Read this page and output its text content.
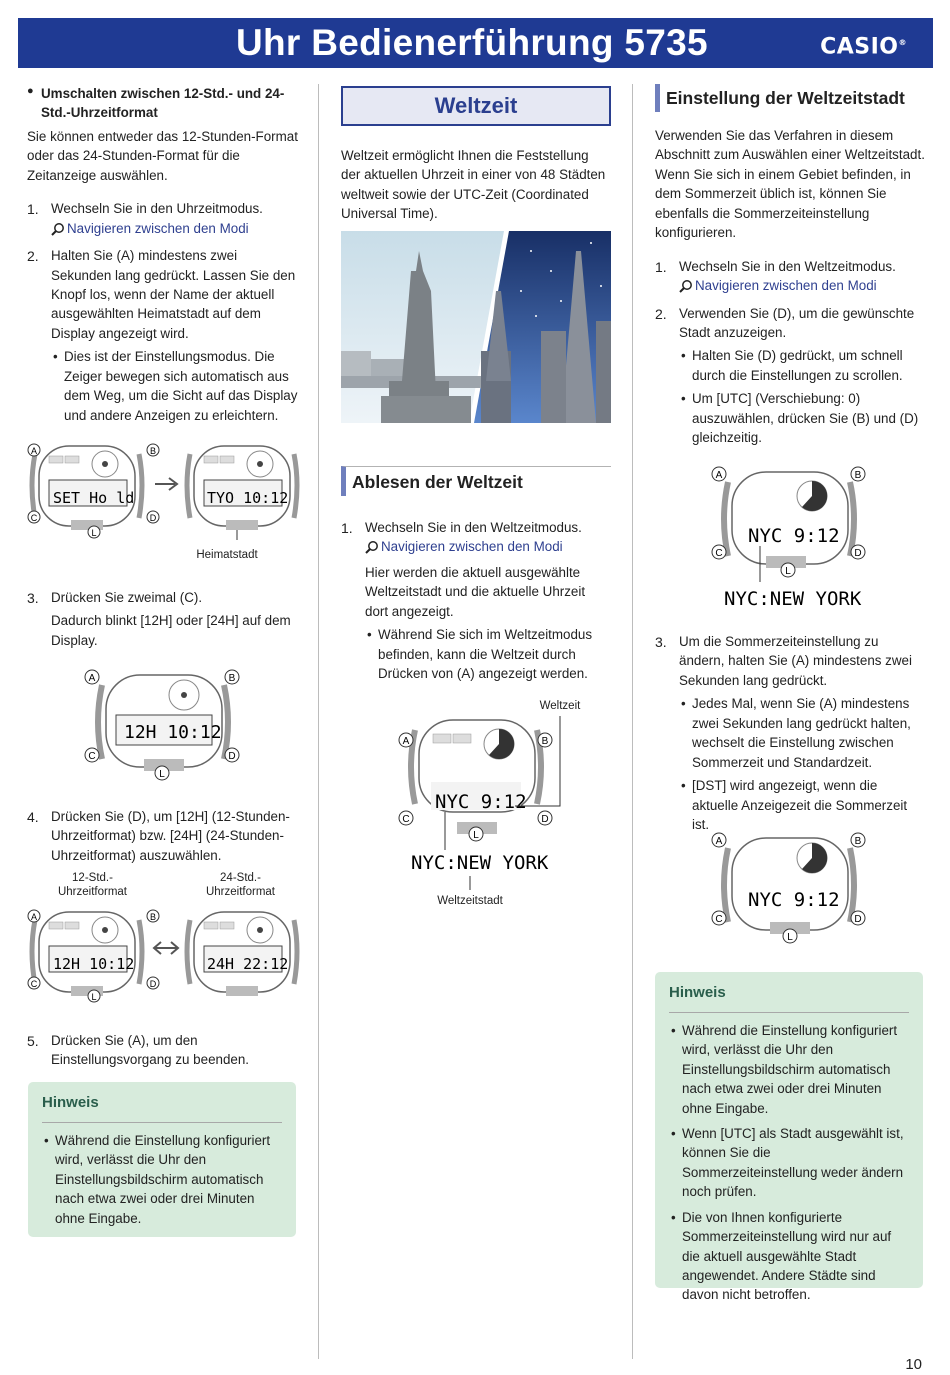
Uhr Bedienerführung 5735	CASIO®

● Umschalten zwischen 12-Std.- und 24-Std.-Uhrzeitformat

Sie können entweder das 12-Stunden-Format oder das 24-Stunden-Format für die Zeitanzeige auswählen.

1. Wechseln Sie in den Uhrzeitmodus.

Navigieren zwischen den Modi

2. Halten Sie (A) mindestens zwei Sekunden lang gedrückt. Lassen Sie den Knopf los, wenn der Name der aktuell ausgewählten Heimatstadt auf dem Display angezeigt wird.

• Dies ist der Einstellungsmodus. Die Zeiger bewegen sich automatisch aus dem Weg, um die Sicht auf das Display und andere Anzeigen zu erleichtern.

A	B
C	D
L
SET Ho ld	TYO 10:12
Heimatstadt
3. Drücken Sie zweimal (C).

Dadurch blinkt [12H] oder [24H] auf dem Display.

12H 10:12
A	B
C	D
L
4. Drücken Sie (D), um [12H] (12-Stunden-Uhrzeitformat) bzw. [24H] (24-Stunden-Uhrzeitformat) auszuwählen.

12-Std.-
Uhrzeitformat
24-Std.-
Uhrzeitformat
A	B
C	D
L
12H 10:12	24H 22:12
5. Drücken Sie (A), um den Einstellungsvorgang zu beenden.

Hinweis

• Während die Einstellung konfiguriert wird, verlässt die Uhr den Einstellungsbildschirm automatisch nach etwa zwei oder drei Minuten ohne Eingabe.

Weltzeit

Weltzeit ermöglicht Ihnen die Feststellung der aktuellen Uhrzeit in einer von 48 Städten weltweit sowie der UTC-Zeit (Coordinated Universal Time).

Ablesen der Weltzeit
1. Wechseln Sie in den Weltzeitmodus.

Navigieren zwischen den Modi

Hier werden die aktuell ausgewählte Weltzeitstadt und die aktuelle Uhrzeit dort angezeigt.

• Während Sie sich im Weltzeitmodus befinden, kann die Weltzeit durch Drücken von (A) angezeigt werden.

Weltzeit
NYC 9:12
A	B
C	D
L
NYC:NEW YORK
Weltzeitstadt
Einstellung der Weltzeitstadt

Verwenden Sie das Verfahren in diesem Abschnitt zum Auswählen einer Weltzeitstadt. Wenn Sie sich in einem Gebiet befinden, in dem Sommerzeit üblich ist, können Sie ebenfalls die Sommerzeiteinstellung konfigurieren.

1. Wechseln Sie in den Weltzeitmodus.

Navigieren zwischen den Modi

2. Verwenden Sie (D), um die gewünschte Stadt anzuzeigen.

• Halten Sie (D) gedrückt, um schnell durch die Einstellungen zu scrollen.

• Um [UTC] (Verschiebung: 0) auszuwählen, drücken Sie (B) und (D) gleichzeitig.

NYC 9:12
A	B
C	D
L
NYC:NEW YORK
3. Um die Sommerzeiteinstellung zu ändern, halten Sie (A) mindestens zwei Sekunden lang gedrückt.

• Jedes Mal, wenn Sie (A) mindestens zwei Sekunden lang gedrückt halten, wechselt die Einstellung zwischen Sommerzeit und Standardzeit.

• [DST] wird angezeigt, wenn die aktuelle Anzeigezeit die Sommerzeit ist.

NYC 9:12
A	B
C	D
L
Hinweis

• Während die Einstellung konfiguriert wird, verlässt die Uhr den Einstellungsbildschirm automatisch nach etwa zwei oder drei Minuten ohne Eingabe.

• Wenn [UTC] als Stadt ausgewählt ist, können Sie die Sommerzeiteinstellung weder ändern noch prüfen.

• Die von Ihnen konfigurierte Sommerzeiteinstellung wird nur auf die aktuell ausgewählte Stadt angewendet. Andere Städte sind davon nicht betroffen.

10
